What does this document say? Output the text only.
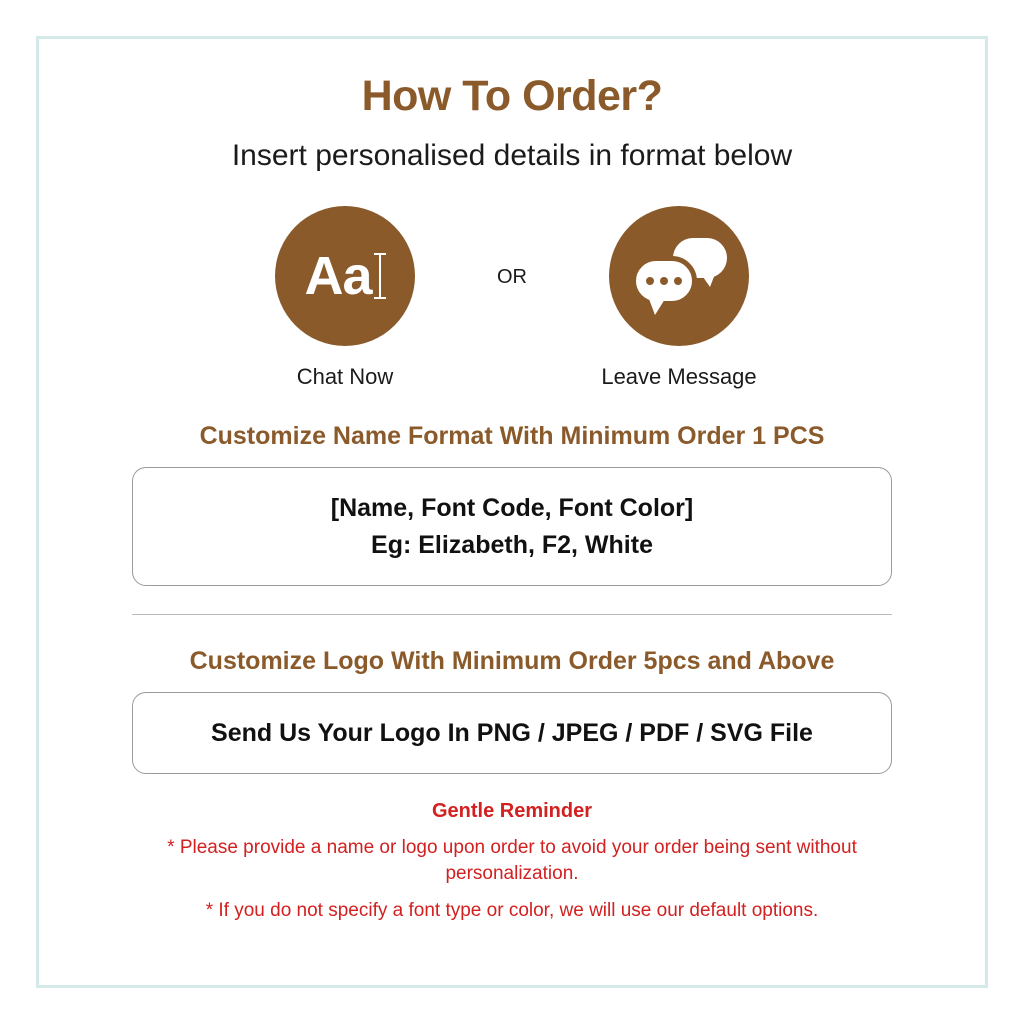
How To Order?
Insert personalised details in format below
Aa
Chat Now
OR
Leave Message
Customize Name Format With Minimum Order 1 PCS
[Name, Font Code, Font Color]
Eg: Elizabeth, F2, White
Customize Logo With Minimum Order 5pcs and Above
Send Us Your Logo In PNG / JPEG / PDF / SVG File
Gentle Reminder
* Please provide a name or logo upon order to avoid your order being sent without personalization.
* If you do not specify a font type or color, we will use our default options.
